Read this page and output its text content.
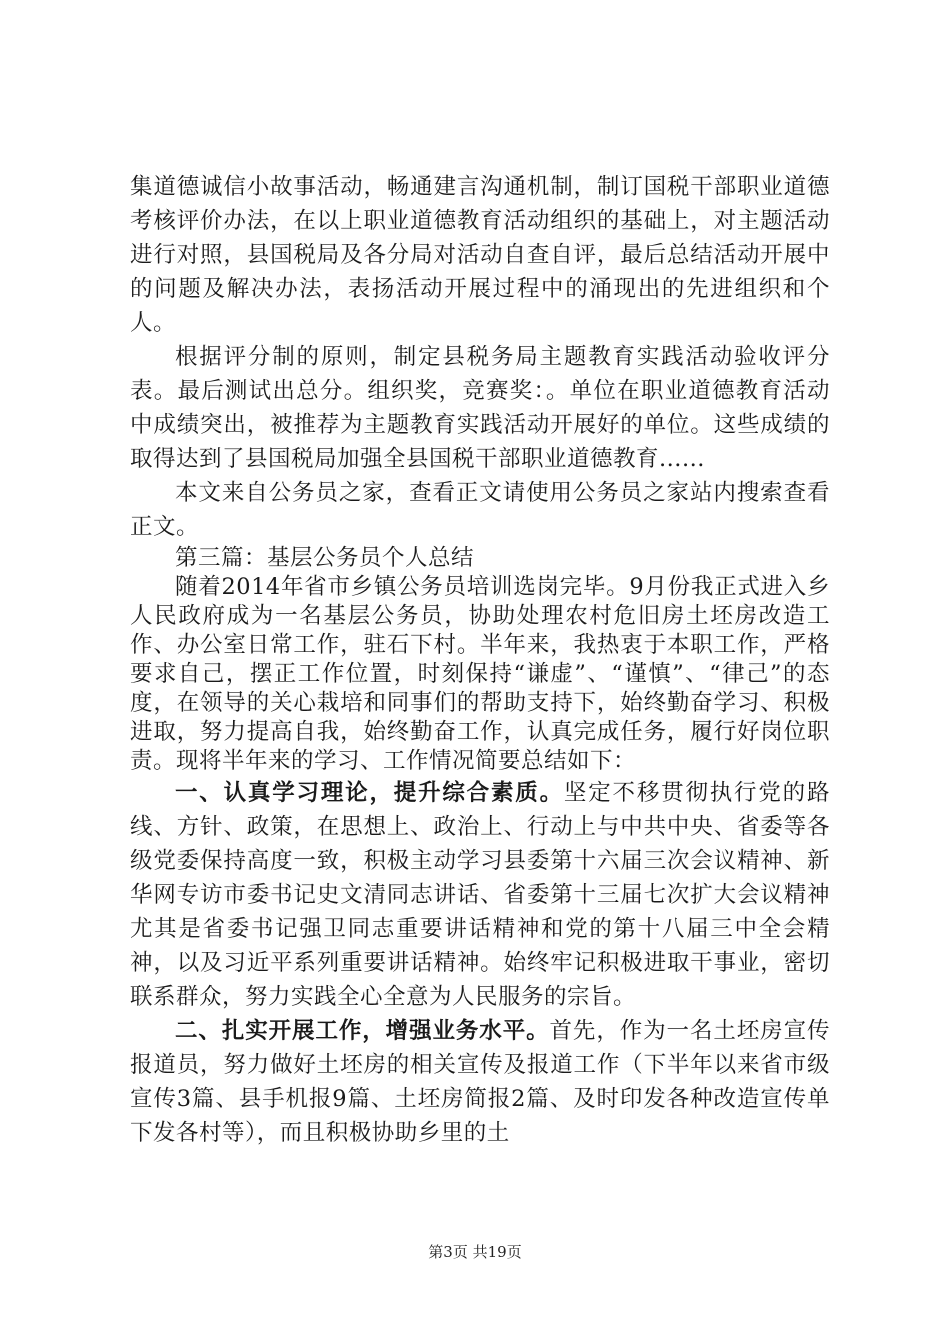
集道德诚信小故事活动，畅通建言沟通机制，制订国税干部职业道德考核评价办法，在以上职业道德教育活动组织的基础上，对主题活动进行对照，县国税局及各分局对活动自查自评，最后总结活动开展中的问题及解决办法，表扬活动开展过程中的涌现出的先进组织和个人。

根据评分制的原则，制定县税务局主题教育实践活动验收评分表。最后测试出总分。组织奖，竞赛奖：。单位在职业道德教育活动中成绩突出，被推荐为主题教育实践活动开展好的单位。这些成绩的取得达到了县国税局加强全县国税干部职业道德教育......

本文来自公务员之家，查看正文请使用公务员之家站内搜索查看正文。

第三篇：基层公务员个人总结

随着2014年省市乡镇公务员培训选岗完毕。9月份我正式进入乡人民政府成为一名基层公务员，协助处理农村危旧房土坯房改造工作、办公室日常工作，驻石下村。半年来，我热衷于本职工作，严格要求自己，摆正工作位置，时刻保持“谦虚”、“谨慎”、“律己”的态度，在领导的关心栽培和同事们的帮助支持下，始终勤奋学习、积极进取，努力提高自我，始终勤奋工作，认真完成任务，履行好岗位职责。现将半年来的学习、工作情况简要总结如下：

一、认真学习理论，提升综合素质。坚定不移贯彻执行党的路线、方针、政策，在思想上、政治上、行动上与中共中央、省委等各级党委保持高度一致，积极主动学习县委第十六届三次会议精神、新华网专访市委书记史文清同志讲话、省委第十三届七次扩大会议精神尤其是省委书记强卫同志重要讲话精神和党的第十八届三中全会精神，以及习近平系列重要讲话精神。始终牢记积极进取干事业，密切联系群众，努力实践全心全意为人民服务的宗旨。

二、扎实开展工作，增强业务水平。首先，作为一名土坯房宣传报道员，努力做好土坯房的相关宣传及报道工作（下半年以来省市级宣传3篇、县手机报9篇、土坯房简报2篇、及时印发各种改造宣传单下发各村等），而且积极协助乡里的土

第3页 共19页
